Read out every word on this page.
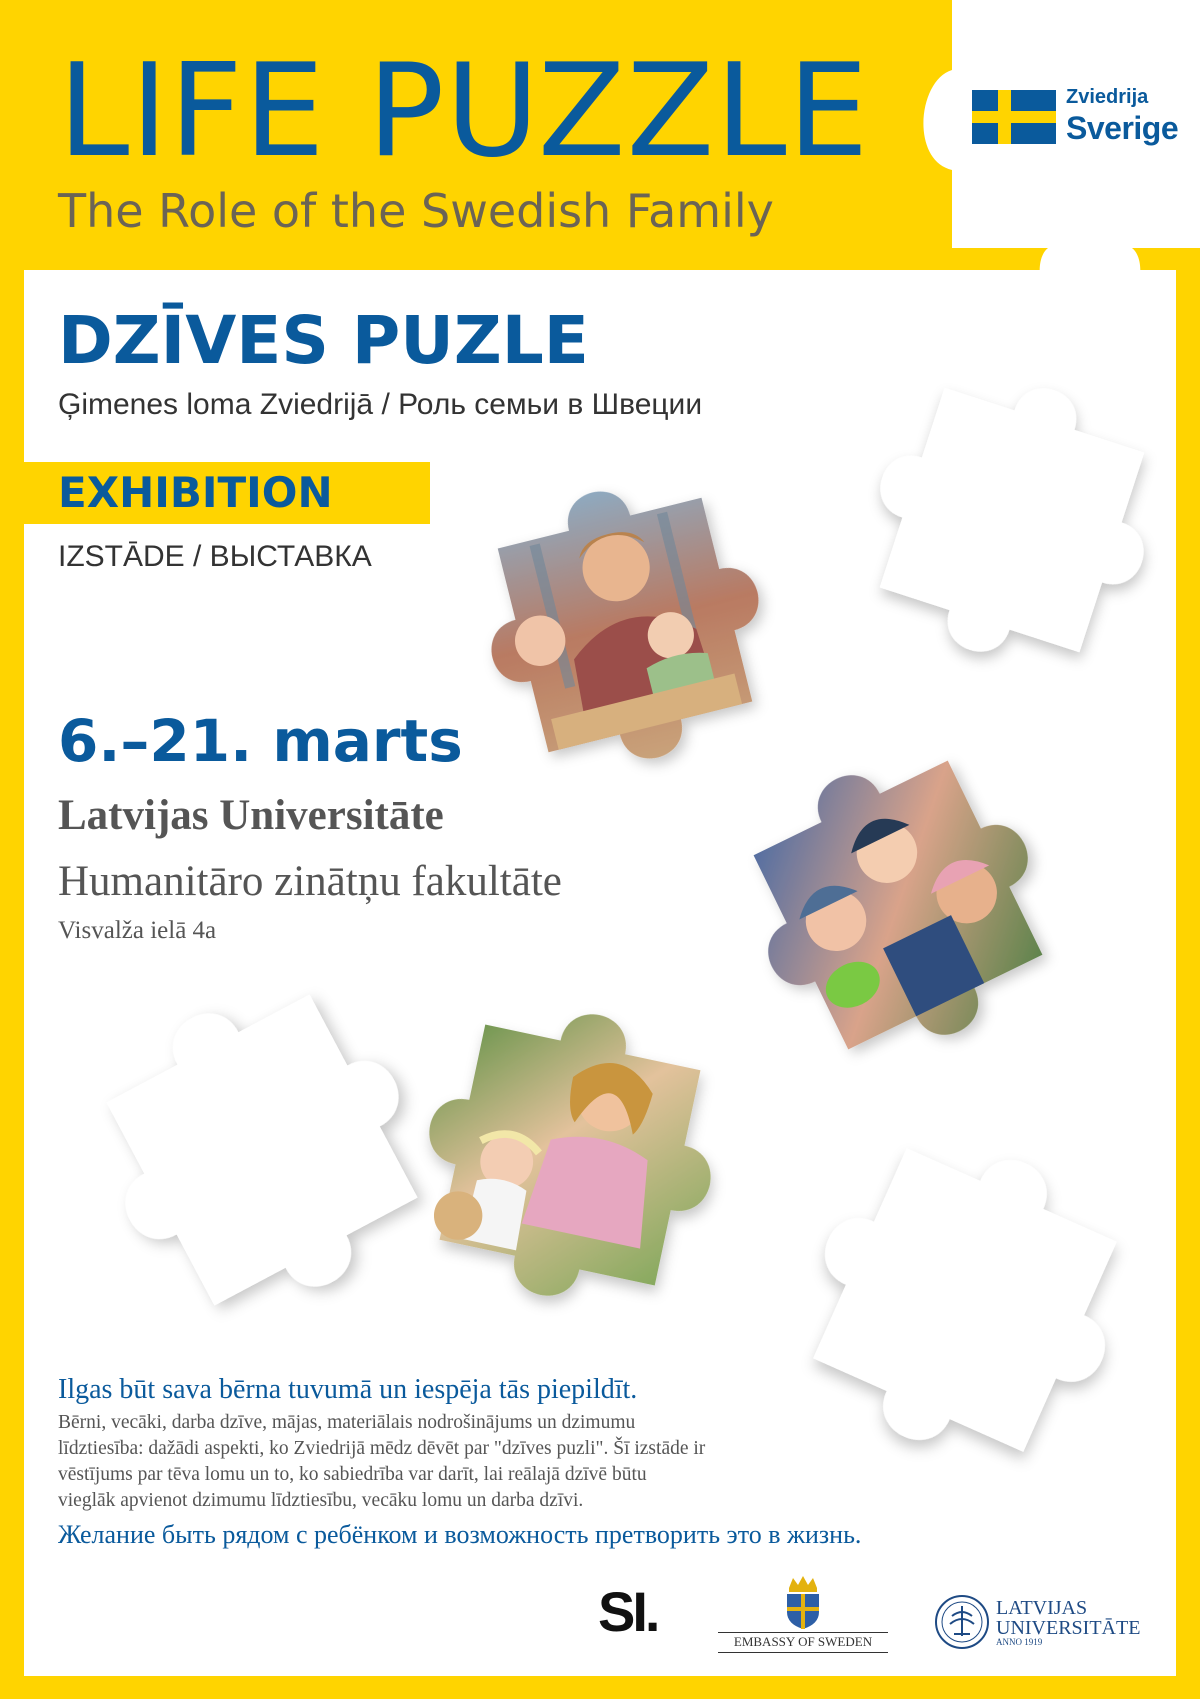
LIFE PUZZLE
The Role of the Swedish Family
Zviedrija
Sverige
DZĪVES PUZLE
Ģimenes loma Zviedrijā / Роль семьи в Швеции
EXHIBITION
IZSTĀDE / ВЫСТАВКА
6.–21. marts
Latvijas Universitāte
Humanitāro zinātņu fakultāte
Visvalža ielā 4a
Ilgas būt sava bērna tuvumā un iespēja tās piepildīt.
Bērni, vecāki, darba dzīve, mājas, materiālais nodrošinājums un dzimumu
līdztiesība: dažādi aspekti, ko Zviedrijā mēdz dēvēt par "dzīves puzli". Šī izstāde ir
vēstījums par tēva lomu un to, ko sabiedrība var darīt, lai reālajā dzīvē būtu
vieglāk apvienot dzimumu līdztiesību, vecāku lomu un darba dzīvi.
Желание быть рядом с ребёнком и возможность претворить это в жизнь.
SI.	EMBASSY OF SWEDEN
LATVIJAS
UNIVERSITĀTE
ANNO 1919
